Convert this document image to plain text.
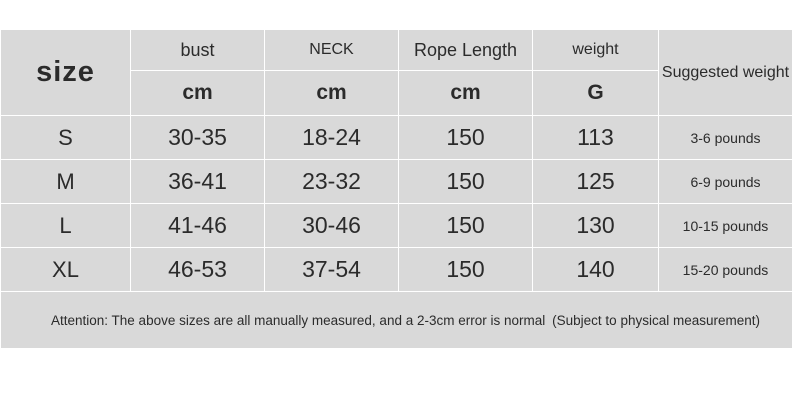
size	bust	NECK	Rope Length	weight	Suggested weight
	cm	cm	cm	G	
S	30-35	18-24	150	113	3-6 pounds
M	36-41	23-32	150	125	6-9 pounds
L	41-46	30-46	150	130	10-15 pounds
XL	46-53	37-54	150	140	15-20 pounds

Attention: The above sizes are all manually measured, and a 2-3cm error is normal (Subject to physical measurement)					
